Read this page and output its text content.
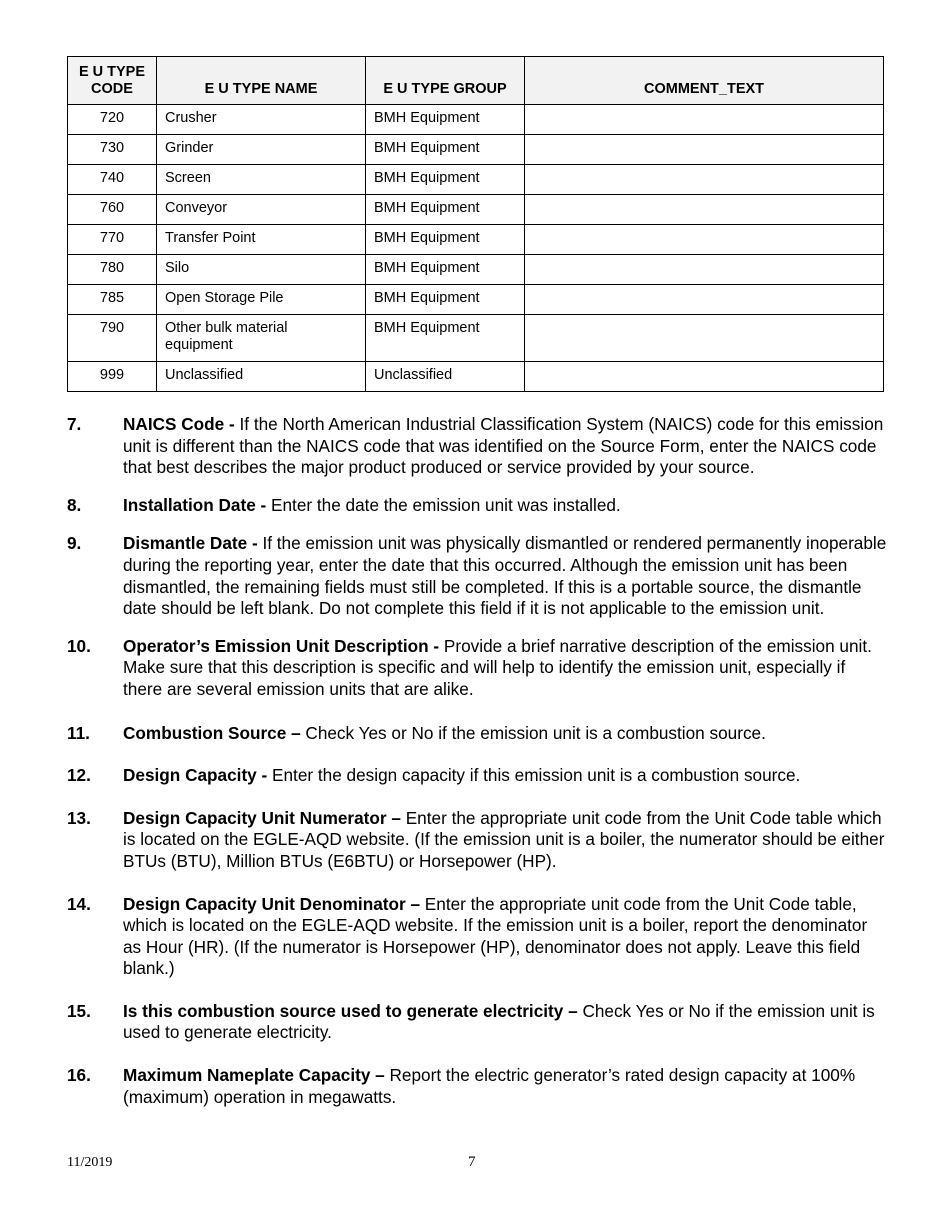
E U TYPE
CODE	E U TYPE NAME	E U TYPE GROUP	COMMENT_TEXT
720	Crusher	BMH Equipment	
730	Grinder	BMH Equipment	
740	Screen	BMH Equipment	
760	Conveyor	BMH Equipment	
770	Transfer Point	BMH Equipment	
780	Silo	BMH Equipment	
785	Open Storage Pile	BMH Equipment	
790	Other bulk material equipment	BMH Equipment	
999	Unclassified	Unclassified	
7.	NAICS Code - If the North American Industrial Classification System (NAICS) code for this emission unit is different than the NAICS code that was identified on the Source Form, enter the NAICS code that best describes the major product produced or service provided by your source.
8.	Installation Date - Enter the date the emission unit was installed.
9.	Dismantle Date - If the emission unit was physically dismantled or rendered permanently inoperable during the reporting year, enter the date that this occurred. Although the emission unit has been dismantled, the remaining fields must still be completed. If this is a portable source, the dismantle date should be left blank. Do not complete this field if it is not applicable to the emission unit.
10.	Operator’s Emission Unit Description - Provide a brief narrative description of the emission unit. Make sure that this description is specific and will help to identify the emission unit, especially if there are several emission units that are alike.
11.	Combustion Source – Check Yes or No if the emission unit is a combustion source.
12.	Design Capacity - Enter the design capacity if this emission unit is a combustion source.
13.	Design Capacity Unit Numerator – Enter the appropriate unit code from the Unit Code table which is located on the EGLE-AQD website. (If the emission unit is a boiler, the numerator should be either BTUs (BTU), Million BTUs (E6BTU) or Horsepower (HP).
14.	Design Capacity Unit Denominator – Enter the appropriate unit code from the Unit Code table, which is located on the EGLE-AQD website. If the emission unit is a boiler, report the denominator as Hour (HR). (If the numerator is Horsepower (HP), denominator does not apply. Leave this field blank.)
15.	Is this combustion source used to generate electricity – Check Yes or No if the emission unit is used to generate electricity.
16.	Maximum Nameplate Capacity – Report the electric generator’s rated design capacity at 100% (maximum) operation in megawatts.
11/2019	7
